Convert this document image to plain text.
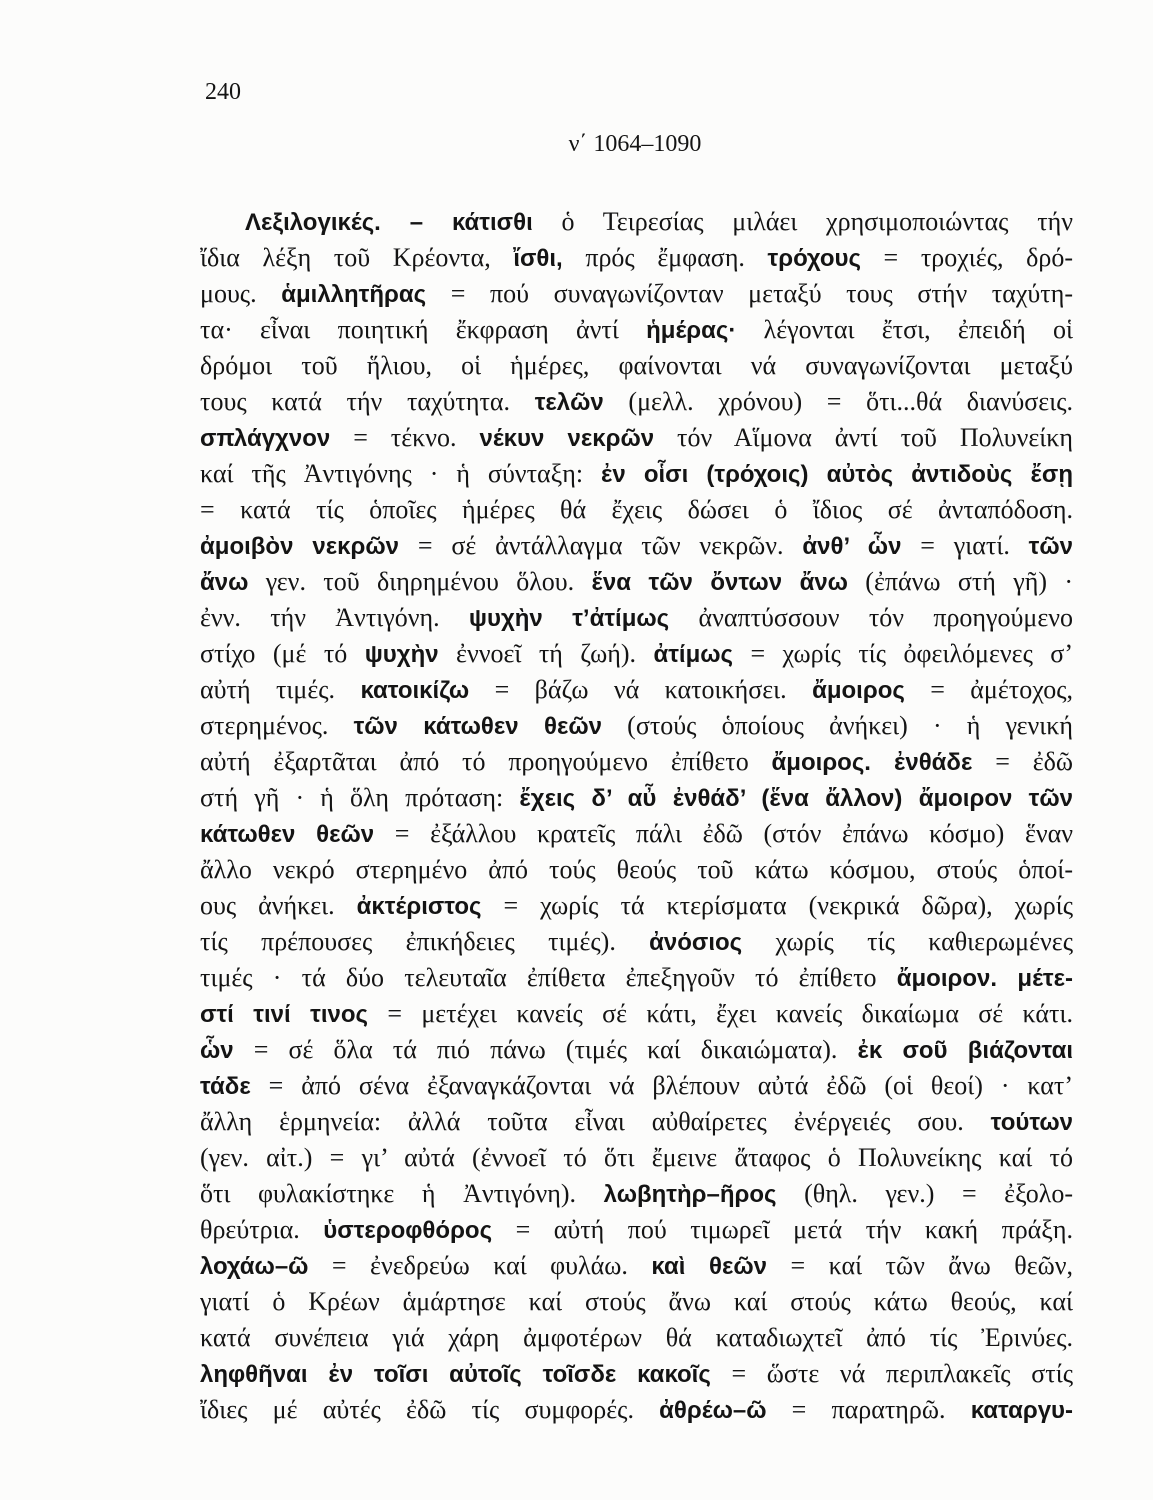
240
ν΄ 1064–1090
Λεξιλογικές. – κάτισθι ὁ Τειρεσίας μιλάει χρησιμοποιώντας τήν
ἴδια λέξη τοῦ Κρέοντα, ἴσθι, πρός ἔμφαση. τρόχους = τροχιές, δρό-
μους. ἁμιλλητῆρας = πού συναγωνίζονταν μεταξύ τους στήν ταχύτη-
τα· εἶναι ποιητική ἔκφραση ἀντί ἡμέρας· λέγονται ἔτσι, ἐπειδή οἱ
δρόμοι τοῦ ἥλιου, οἱ ἡμέρες, φαίνονται νά συναγωνίζονται μεταξύ
τους κατά τήν ταχύτητα. τελῶν (μελλ. χρόνου) = ὅτι...θά διανύσεις.
σπλάγχνον = τέκνο. νέκυν νεκρῶν τόν Αἵμονα ἀντί τοῦ Πολυνείκη
καί τῆς Ἀντιγόνης · ἡ σύνταξη: ἐν οἷσι (τρόχοις) αὐτὸς ἀντιδοὺς ἔσῃ
= κατά τίς ὁποῖες ἡμέρες θά ἔχεις δώσει ὁ ἴδιος σέ ἀνταπόδοση.
ἀμοιβὸν νεκρῶν = σέ ἀντάλλαγμα τῶν νεκρῶν. ἀνθ’ ὧν = γιατί. τῶν
ἄνω γεν. τοῦ διηρημένου ὅλου. ἕνα τῶν ὄντων ἄνω (ἐπάνω στή γῆ) ·
ἐνν. τήν Ἀντιγόνη. ψυχὴν τ’ἀτίμως ἀναπτύσσουν τόν προηγούμενο
στίχο (μέ τό ψυχὴν ἐννοεῖ τή ζωή). ἀτίμως = χωρίς τίς ὀφειλόμενες σ’
αὐτή τιμές. κατοικίζω = βάζω νά κατοικήσει. ἄμοιρος = ἀμέτοχος,
στερημένος. τῶν κάτωθεν θεῶν (στούς ὁποίους ἀνήκει) · ἡ γενική
αὐτή ἐξαρτᾶται ἀπό τό προηγούμενο ἐπίθετο ἄμοιρος. ἐνθάδε = ἐδῶ
στή γῆ · ἡ ὅλη πρόταση: ἔχεις δ’ αὖ ἐνθάδ’ (ἕνα ἄλλον) ἄμοιρον τῶν
κάτωθεν θεῶν = ἐξάλλου κρατεῖς πάλι ἐδῶ (στόν ἐπάνω κόσμο) ἕναν
ἄλλο νεκρό στερημένο ἀπό τούς θεούς τοῦ κάτω κόσμου, στούς ὁποί-
ους ἀνήκει. ἀκτέριστος = χωρίς τά κτερίσματα (νεκρικά δῶρα), χωρίς
τίς πρέπουσες ἐπικήδειες τιμές). ἀνόσιος χωρίς τίς καθιερωμένες
τιμές · τά δύο τελευταῖα ἐπίθετα ἐπεξηγοῦν τό ἐπίθετο ἄμοιρον. μέτε-
στί τινί τινος = μετέχει κανείς σέ κάτι, ἔχει κανείς δικαίωμα σέ κάτι.
ὧν = σέ ὅλα τά πιό πάνω (τιμές καί δικαιώματα). ἐκ σοῦ βιάζονται
τάδε = ἀπό σένα ἐξαναγκάζονται νά βλέπουν αὐτά ἐδῶ (οἱ θεοί) · κατ’
ἄλλη ἑρμηνεία: ἀλλά τοῦτα εἶναι αὐθαίρετες ἐνέργειές σου. τούτων
(γεν. αἰτ.) = γι’ αὐτά (ἐννοεῖ τό ὅτι ἔμεινε ἄταφος ὁ Πολυνείκης καί τό
ὅτι φυλακίστηκε ἡ Ἀντιγόνη). λωβητὴρ–ῆρος (θηλ. γεν.) = ἐξολο-
θρεύτρια. ὑστεροφθόρος = αὐτή πού τιμωρεῖ μετά τήν κακή πράξη.
λοχάω–ῶ = ἐνεδρεύω καί φυλάω. καὶ θεῶν = καί τῶν ἄνω θεῶν,
γιατί ὁ Κρέων ἁμάρτησε καί στούς ἄνω καί στούς κάτω θεούς, καί
κατά συνέπεια γιά χάρη ἀμφοτέρων θά καταδιωχτεῖ ἀπό τίς Ἐρινύες.
ληφθῆναι ἐν τοῖσι αὐτοῖς τοῖσδε κακοῖς = ὥστε νά περιπλακεῖς στίς
ἴδιες μέ αὐτές ἐδῶ τίς συμφορές. ἀθρέω–ῶ = παρατηρῶ. καταργυ-
